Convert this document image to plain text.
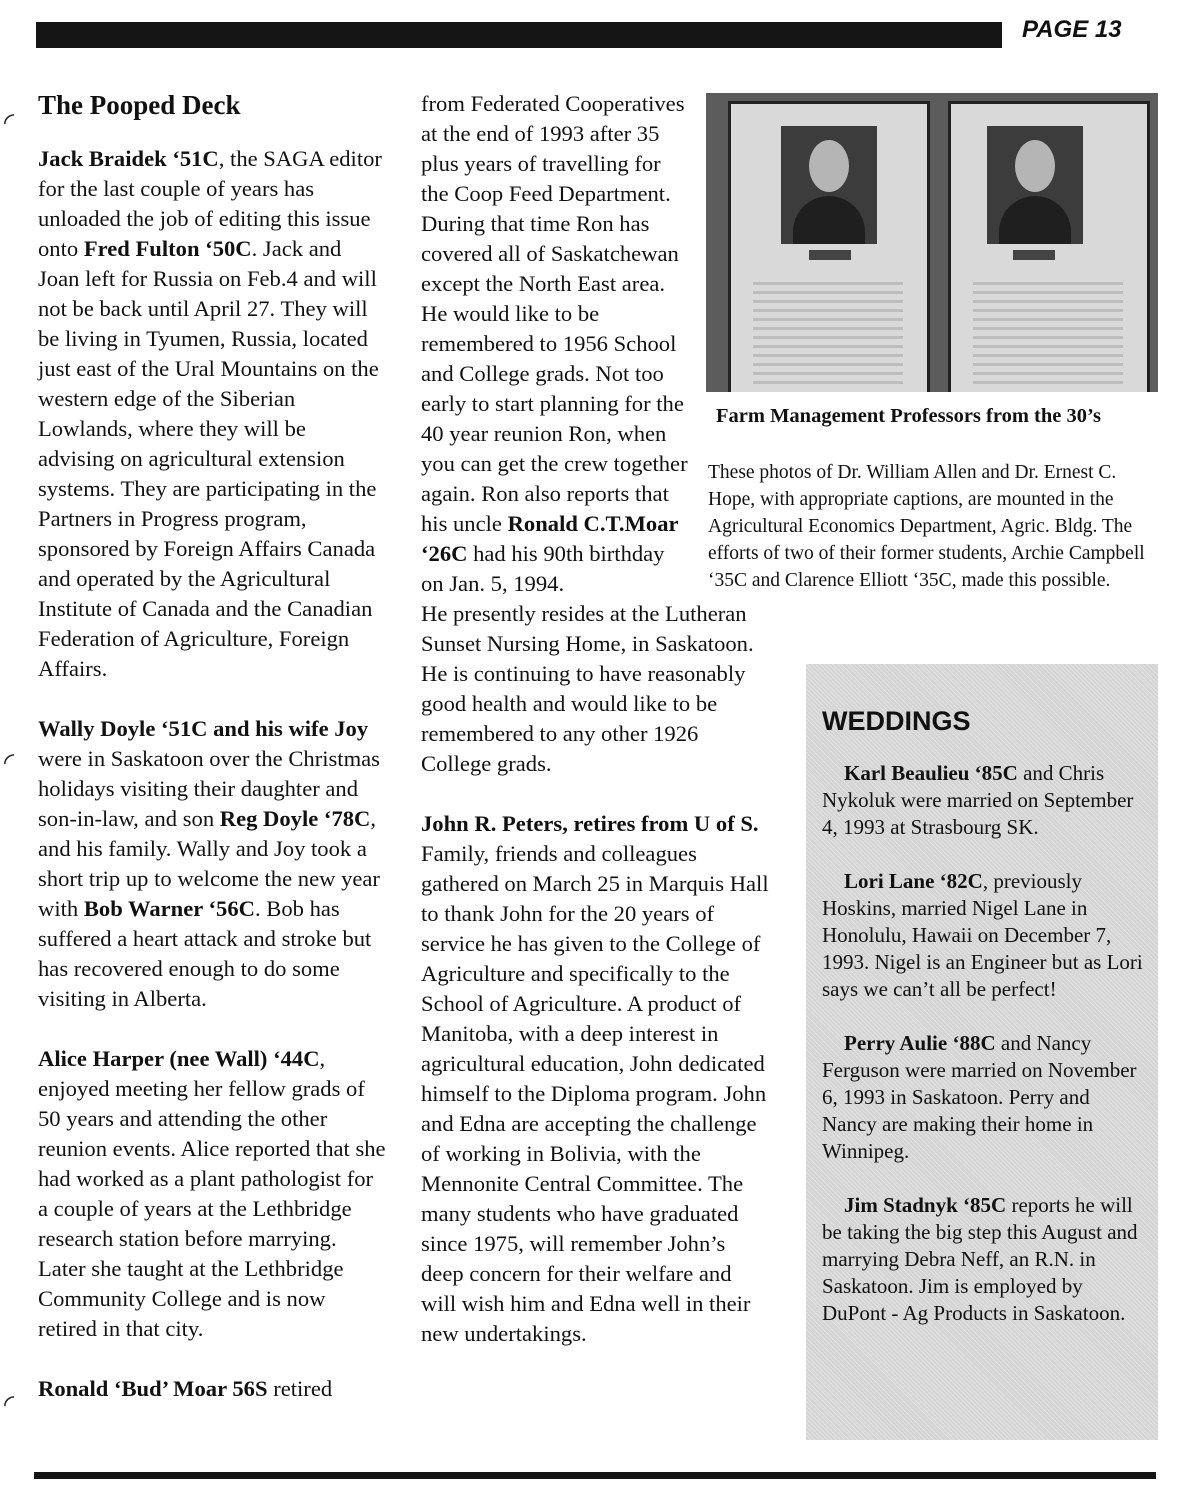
PAGE 13
◜
◜
◜
The Pooped Deck

Jack Braidek ‘51C, the SAGA editor for the last couple of years has unloaded the job of editing this issue onto Fred Fulton ‘50C. Jack and Joan left for Russia on Feb.4 and will not be back until April 27. They will be living in Tyumen, Russia, located just east of the Ural Mountains on the western edge of the Siberian Lowlands, where they will be advising on agricultural extension systems. They are participating in the Partners in Progress program, sponsored by Foreign Affairs Canada and operated by the Agricultural Institute of Canada and the Canadian Federation of Agriculture, Foreign Affairs.

Wally Doyle ‘51C and his wife Joy were in Saskatoon over the Christmas holidays visiting their daughter and son-in-law, and son Reg Doyle ‘78C, and his family. Wally and Joy took a short trip up to welcome the new year with Bob Warner ‘56C. Bob has suffered a heart attack and stroke but has recovered enough to do some visiting in Alberta.

Alice Harper (nee Wall) ‘44C, enjoyed meeting her fellow grads of 50 years and attending the other reunion events. Alice reported that she had worked as a plant pathologist for a couple of years at the Lethbridge research station before marrying. Later she taught at the Lethbridge Community College and is now retired in that city.

Ronald ‘Bud’ Moar 56S retired

from Federated Cooperatives at the end of 1993 after 35 plus years of travelling for the Coop Feed Department. During that time Ron has covered all of Saskatchewan except the North East area. He would like to be remembered to 1956 School and College grads. Not too early to start planning for the 40 year reunion Ron, when you can get the crew together again. Ron also reports that his uncle Ronald C.T.Moar ‘26C had his 90th birthday on Jan. 5, 1994.
He presently resides at the Lutheran Sunset Nursing Home, in Saskatoon. He is continuing to have reasonably good health and would like to be remembered to any other 1926 College grads.

John R. Peters, retires from U of S. Family, friends and colleagues gathered on March 25 in Marquis Hall to thank John for the 20 years of service he has given to the College of Agriculture and specifically to the School of Agriculture. A product of Manitoba, with a deep interest in agricultural education, John dedicated himself to the Diploma program. John and Edna are accepting the challenge of working in Bolivia, with the Mennonite Central Committee. The many students who have graduated since 1975, will remember John’s deep concern for their welfare and will wish him and Edna well in their new undertakings.

Farm Management Professors from the 30’s
These photos of Dr. William Allen and Dr. Ernest C. Hope, with appropriate captions, are mounted in the Agricultural Economics Department, Agric. Bldg. The efforts of two of their former students, Archie Campbell ‘35C and Clarence Elliott ‘35C, made this possible.
WEDDINGS

Karl Beaulieu ‘85C and Chris Nykoluk were married on September 4, 1993 at Strasbourg SK.

Lori Lane ‘82C, previously Hoskins, married Nigel Lane in Honolulu, Hawaii on December 7, 1993. Nigel is an Engineer but as Lori says we can’t all be perfect!

Perry Aulie ‘88C and Nancy Ferguson were married on November 6, 1993 in Saskatoon. Perry and Nancy are making their home in Winnipeg.

Jim Stadnyk ‘85C reports he will be taking the big step this August and marrying Debra Neff, an R.N. in Saskatoon. Jim is employed by DuPont - Ag Products in Saskatoon.
